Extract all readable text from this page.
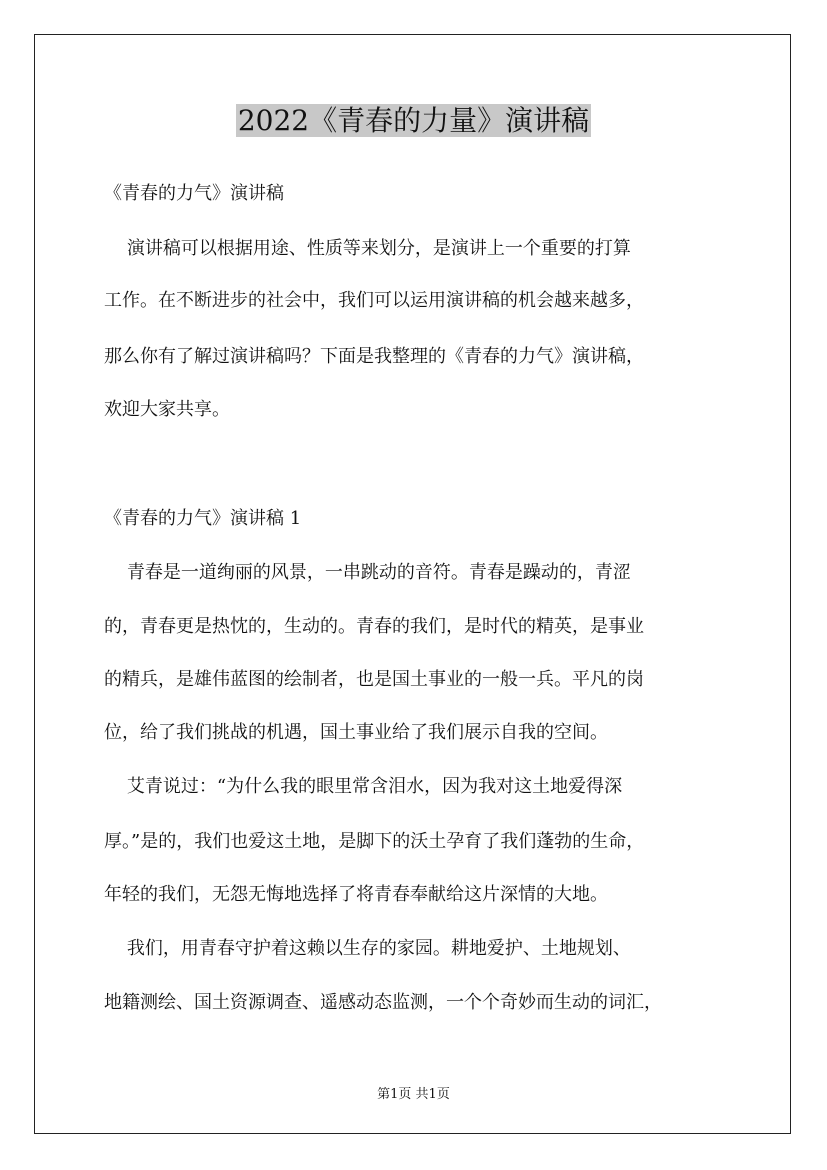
2022《青春的力量》演讲稿

《青春的力气》演讲稿

演讲稿可以根据用途、性质等来划分，是演讲上一个重要的打算

工作。在不断进步的社会中，我们可以运用演讲稿的机会越来越多，

那么你有了解过演讲稿吗？下面是我整理的《青春的力气》演讲稿，

欢迎大家共享。

《青春的力气》演讲稿 1

青春是一道绚丽的风景，一串跳动的音符。青春是躁动的，青涩

的，青春更是热忱的，生动的。青春的我们，是时代的精英，是事业

的精兵，是雄伟蓝图的绘制者，也是国土事业的一般一兵。平凡的岗

位，给了我们挑战的机遇，国土事业给了我们展示自我的空间。

艾青说过：“为什么我的眼里常含泪水，因为我对这土地爱得深

厚。”是的，我们也爱这土地，是脚下的沃土孕育了我们蓬勃的生命，

年轻的我们，无怨无悔地选择了将青春奉献给这片深情的大地。

我们，用青春守护着这赖以生存的家园。耕地爱护、土地规划、

地籍测绘、国土资源调查、遥感动态监测，一个个奇妙而生动的词汇，

第1页 共1页
